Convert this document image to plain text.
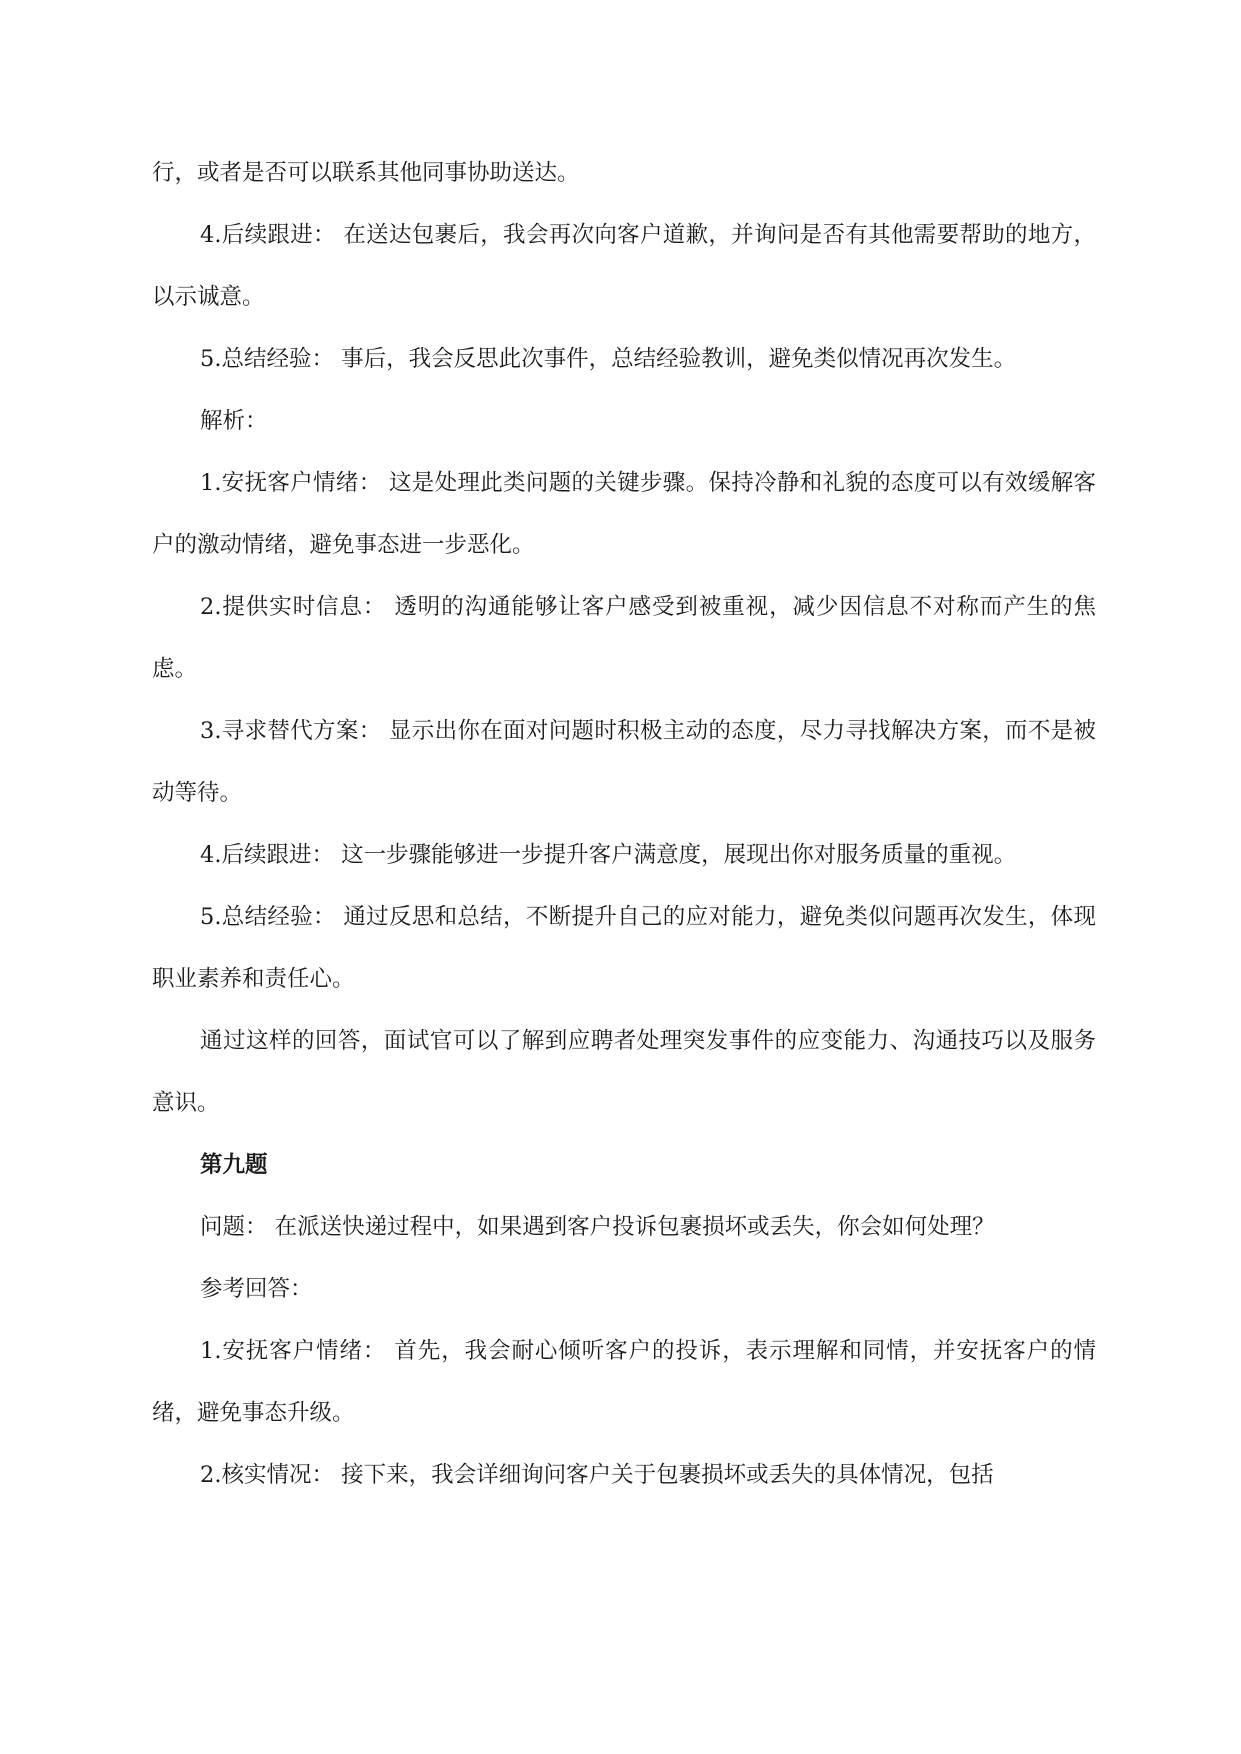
行，或者是否可以联系其他同事协助送达。

4.后续跟进： 在送达包裹后，我会再次向客户道歉，并询问是否有其他需要帮助的地方，以示诚意。

5.总结经验： 事后，我会反思此次事件，总结经验教训，避免类似情况再次发生。

解析：

1.安抚客户情绪： 这是处理此类问题的关键步骤。保持冷静和礼貌的态度可以有效缓解客户的激动情绪，避免事态进一步恶化。

2.提供实时信息： 透明的沟通能够让客户感受到被重视，减少因信息不对称而产生的焦虑。

3.寻求替代方案： 显示出你在面对问题时积极主动的态度，尽力寻找解决方案，而不是被动等待。

4.后续跟进： 这一步骤能够进一步提升客户满意度，展现出你对服务质量的重视。

5.总结经验： 通过反思和总结，不断提升自己的应对能力，避免类似问题再次发生，体现职业素养和责任心。

通过这样的回答，面试官可以了解到应聘者处理突发事件的应变能力、沟通技巧以及服务意识。

第九题

问题： 在派送快递过程中，如果遇到客户投诉包裹损坏或丢失，你会如何处理？

参考回答：

1.安抚客户情绪： 首先，我会耐心倾听客户的投诉，表示理解和同情，并安抚客户的情绪，避免事态升级。

2.核实情况： 接下来，我会详细询问客户关于包裹损坏或丢失的具体情况，包括
